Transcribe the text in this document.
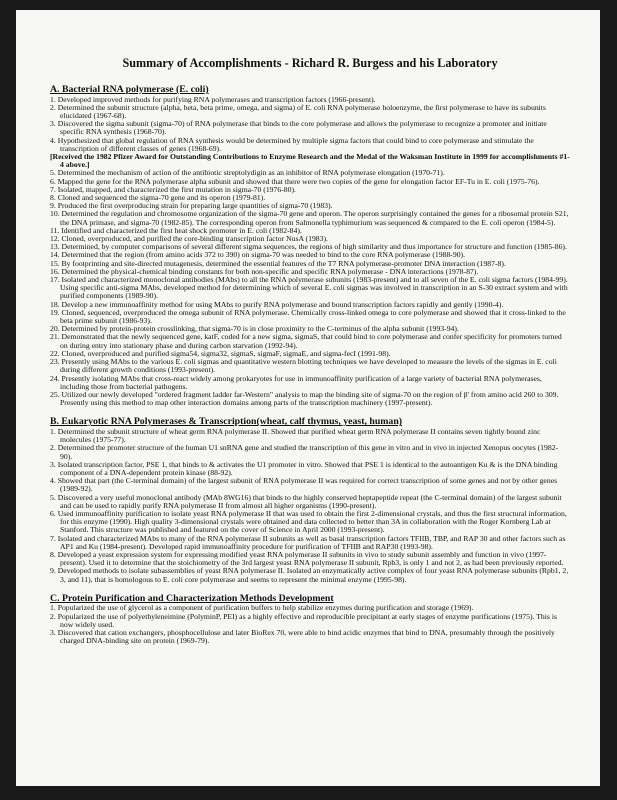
Summary of Accomplishments - Richard R. Burgess and his Laboratory
A. Bacterial RNA polymerase (E. coli)
1. Developed improved methods for purifying RNA polymerases and transcription factors (1966-present).
2. Determined the subunit structure (alpha, beta, beta prime, omega, and sigma) of E. coli RNA polymerase holoenzyme, the first polymerase to have its subunits elucidated (1967-68).
3. Discovered the sigma subunit (sigma-70) of RNA polymerase that binds to the core polymerase and allows the polymerase to recognize a promoter and initiate specific RNA synthesis (1968-70).
4. Hypothesized that global regulation of RNA synthesis would be determined by multiple sigma factors that could bind to core polymerase and stimulate the transcription of different classes of genes (1968-69).
[Received the 1982 Pfizer Award for Outstanding Contributions to Enzyme Research and the Medal of the Waksman Institute in 1999 for accomplishments #1-4 above.]
5. Determined the mechanism of action of the antibiotic streptolydigin as an inhibitor of RNA polymerase elongation (1970-71).
6. Mapped the gene for the RNA polymerase alpha subunit and showed that there were two copies of the gene for elongation factor EF-Tu in E. coli (1975-76).
7. Isolated, mapped, and characterized the first mutation in sigma-70 (1976-80).
8. Cloned and sequenced the sigma-70 gene and its operon (1979-81).
9. Produced the first overproducing strain for preparing large quantities of sigma-70 (1983).
10. Determined the regulation and chromosome organization of the sigma-70 gene and operon. The operon surprisingly contained the genes for a ribosomal protein S21, the DNA primase, and sigma-70 (1982-85). The corresponding operon from Salmonella typhimurium was sequenced & compared to the E. coli operon (1984-5).
11. Identified and characterized the first heat shock promoter in E. coli (1982-84).
12. Cloned, overproduced, and purified the core-binding transcription factor NusA (1983).
13. Determined, by computer comparisons of several different sigma sequences, the regions of high similarity and thus importance for structure and function (1985-86).
14. Determined that the region (from amino acids 372 to 390) on sigma-70 was needed to bind to the core RNA polymerase (1988-90).
15. By footprinting and site-directed mutagenesis, determined the essential features of the T7 RNA polymerase-promoter DNA interaction (1987-8).
16. Determined the physical-chemical binding constants for both non-specific and specific RNA polymerase - DNA interactions (1978-87).
17. Isolated and characterized monoclonal antibodies (MAbs) to all the RNA polymerase subunits (1983-present) and to all seven of the E. coli sigma factors (1984-99). Using specific anti-sigma MAbs, developed method for determining which of several E. coli sigmas was involved in transcription in an S-30 extract system and with purified components (1989-90).
18. Develop a new immunoaffinity method for using MAbs to purify RNA polymerase and bound transcription factors rapidly and gently (1990-4).
19. Cloned, sequenced, overproduced the omega subunit of RNA polymerase. Chemically cross-linked omega to core polymerase and showed that it cross-linked to the beta prime subunit (1986-93).
20. Determined by protein-protein crosslinking, that sigma-70 is in close proximity to the C-terminus of the alpha subunit (1993-94).
21. Demonstrated that the newly sequenced gene, katF, coded for a new sigma, sigmaS, that could bind to core polymerase and confer specificity for promoters turned on during entry into stationary phase and during carbon starvation (1992-94).
22. Cloned, overproduced and purified sigma54, sigma32, sigmaS, sigmaF, sigmaE, and sigma-fecI (1991-98).
23. Presently using MAbs to the various E. coli sigmas and quantitative western blotting techniques we have developed to measure the levels of the sigmas in E. coli during different growth conditions (1993-present).
24. Presently isolating MAbs that cross-react widely among prokaryotes for use in immunoaffinity purification of a large variety of bacterial RNA polymerases, including those from bacterial pathogens.
25. Utilized our newly developed "ordered fragment ladder far-Western" analysis to map the binding site of sigma-70 on the region of β' from amino acid 260 to 309. Presently using this method to map other interaction domains among parts of the transcription machinery (1997-present).
B. Eukaryotic RNA Polymerases & Transcription(wheat, calf thymus, yeast, human)
1. Determined the subunit structure of wheat germ RNA polymerase II. Showed that purified wheat germ RNA polymerase II contains seven tightly bound zinc molecules (1975-77).
2. Determined the promoter structure of the human U1 snRNA gene and studied the transcription of this gene in vitro and in vivo in injected Xenopus oocytes (1982-90).
3. Isolated transcription factor, PSE 1, that binds to & activates the U1 promoter in vitro. Showed that PSE 1 is identical to the autoantigen Ku & is the DNA binding component of a DNA-dependent protein kinase (88-92).
4. Showed that part (the C-terminal domain) of the largest subunit of RNA polymerase II was required for correct transcription of some genes and not by other genes (1989-92).
5. Discovered a very useful monoclonal antibody (MAb 8WG16) that binds to the highly conserved heptapeptide repeat (the C-terminal domain) of the largest subunit and can be used to rapidly purify RNA polymerase II from almost all higher organisms (1990-present).
6. Used immunoaffinity purification to isolate yeast RNA polymerase II that was used to obtain the first 2-dimensional crystals, and thus the first structural information, for this enzyme (1990). High quality 3-dimensional crystals were obtained and data collected to better than 3A in collaboration with the Roger Kornberg Lab at Stanford. This structure was published and featured on the cover of Science in April 2000 (1993-present).
7. Isolated and characterized MAbs to many of the RNA polymerase II subunits as well as basal transcription factors TFIIB, TBP, and RAP 30 and other factors such as AP1 and Ku (1984-present). Developed rapid immunoaffinity procedure for purification of TFIIB and RAP30 (1993-98).
8. Developed a yeast expression system for expressing modified yeast RNA polymerase II subunits in vivo to study subunit assembly and function in vivo (1997-present). Used it to determine that the stoichiometry of the 3rd largest yeast RNA polymerase II subunit, Rpb3, is only 1 and not 2, as had been previously reported.
9. Developed methods to isolate subassemblies of yeast RNA polymerase II. Isolated an enzymatically active complex of four yeast RNA polymerase subunits (Rpb1, 2, 3, and 11), that is homologous to E. coli core polymerase and seems to represent the minimal enzyme (1995-98).
C. Protein Purification and Characterization Methods Development
1. Popularized the use of glycerol as a component of purification buffers to help stabilize enzymes during purification and storage (1969).
2. Popularized the use of polyethyleneimine (PolyminP, PEI) as a highly effective and reproducible precipitant at early stages of enzyme purifications (1975). This is now widely used.
3. Discovered that cation exchangers, phosphocellulose and later BioRex 70, were able to bind acidic enzymes that bind to DNA, presumably through the positively charged DNA-binding site on protein (1969-79).
